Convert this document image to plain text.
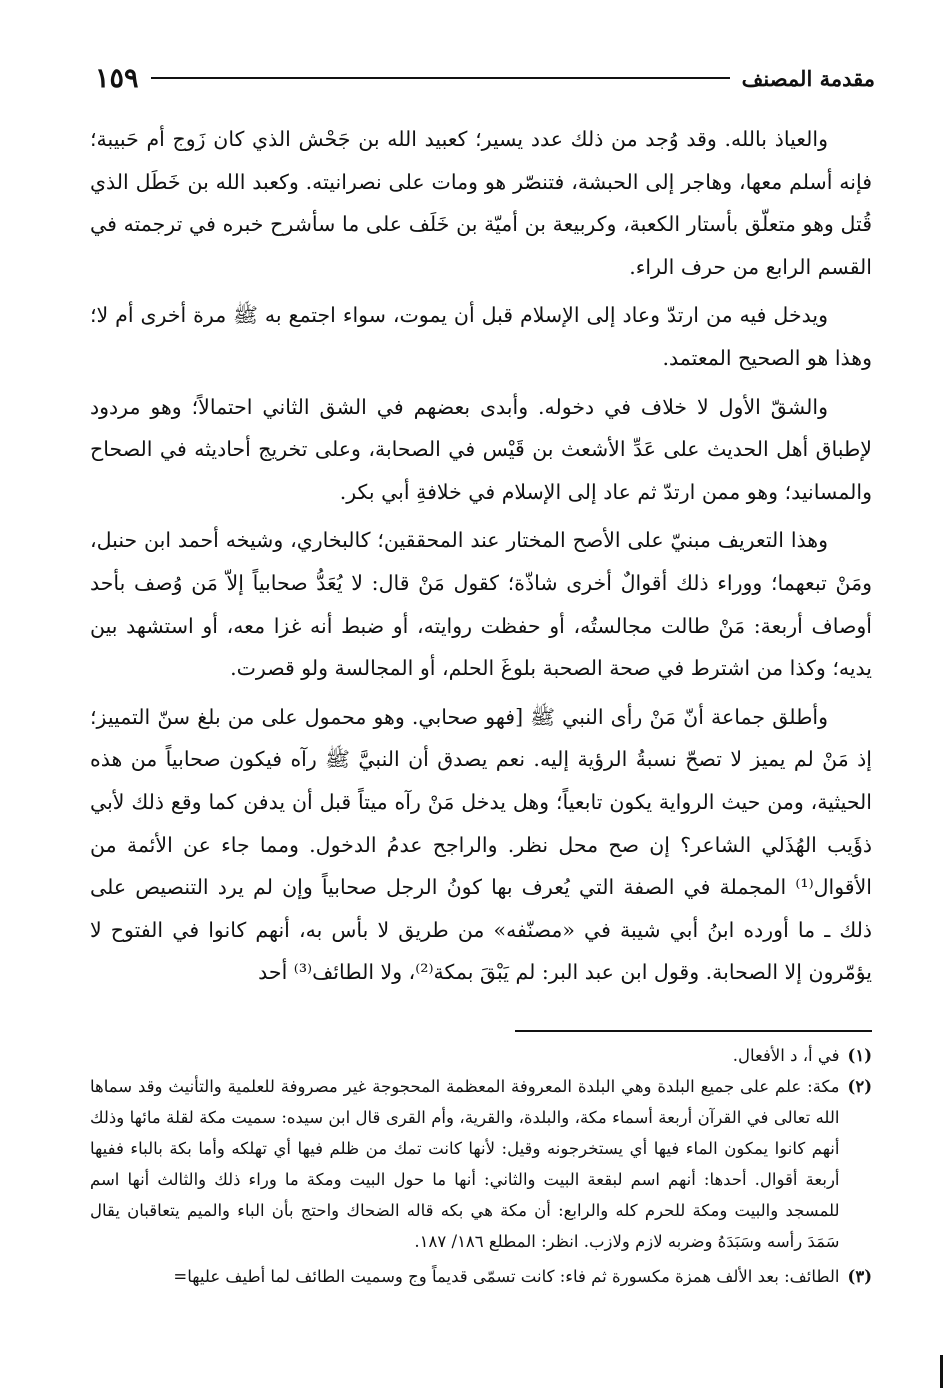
مقدمة المصنف
١٥٩

والعياذ بالله. وقد وُجد من ذلك عدد يسير؛ كعبيد الله بن جَحْش الذي كان زَوج أم حَبيبة؛ فإنه أسلم معها، وهاجر إلى الحبشة، فتنصّر هو ومات على نصرانيته. وكعبد الله بن خَطَل الذي قُتل وهو متعلّق بأستار الكعبة، وكربيعة بن أميّة بن خَلَف على ما سأشرح خبره في ترجمته في القسم الرابع من حرف الراء.

ويدخل فيه من ارتدّ وعاد إلى الإسلام قبل أن يموت، سواء اجتمع به ﷺ مرة أخرى أم لا؛ وهذا هو الصحيح المعتمد.

والشقّ الأول لا خلاف في دخوله. وأبدى بعضهم في الشق الثاني احتمالاً؛ وهو مردود لإطباق أهل الحديث على عَدِّ الأشعث بن قَيْس في الصحابة، وعلى تخريج أحاديثه في الصحاح والمسانيد؛ وهو ممن ارتدّ ثم عاد إلى الإسلام في خلافةِ أبي بكر.

وهذا التعريف مبنيّ على الأصح المختار عند المحققين؛ كالبخاري، وشيخه أحمد ابن حنبل، ومَنْ تبعهما؛ ووراء ذلك أقوالٌ أخرى شاذّة؛ كقول مَنْ قال: لا يُعَدُّ صحابياً إلاّ مَن وُصف بأحد أوصاف أربعة: مَنْ طالت مجالستُه، أو حفظت روايته، أو ضبط أنه غزا معه، أو استشهد بين يديه؛ وكذا من اشترط في صحة الصحبة بلوغَ الحلم، أو المجالسة ولو قصرت.

وأطلق جماعة أنّ مَنْ رأى النبي ﷺ [فهو صحابي. وهو محمول على من بلغ سنّ التمييز؛ إذ مَنْ لم يميز لا تصحّ نسبةُ الرؤية إليه. نعم يصدق أن النبيَّ ﷺ رآه فيكون صحابياً من هذه الحيثية، ومن حيث الرواية يكون تابعياً؛ وهل يدخل مَنْ رآه ميتاً قبل أن يدفن كما وقع ذلك لأبي ذؤَيب الهُذَلي الشاعر؟ إن صح محل نظر. والراجح عدمُ الدخول. ومما جاء عن الأئمة من الأقوال⁽¹⁾ المجملة في الصفة التي يُعرف بها كونُ الرجل صحابياً وإن لم يرد التنصيص على ذلك ـ ما أورده ابنُ أبي شيبة في «مصنّفه» من طريق لا بأس به، أنهم كانوا في الفتوح لا يؤمّرون إلا الصحابة. وقول ابن عبد البر: لم يَبْقَ بمكة⁽²⁾، ولا الطائف⁽³⁾ أحد

(١)
في أ، د الأفعال.
(٢)
مكة: علم على جميع البلدة وهي البلدة المعروفة المعظمة المحجوجة غير مصروفة للعلمية والتأنيث وقد سماها الله تعالى في القرآن أربعة أسماء مكة، والبلدة، والقرية، وأم القرى قال ابن سيده: سميت مكة لقلة مائها وذلك أنهم كانوا يمكون الماء فيها أي يستخرجونه وقيل: لأنها كانت تمك من ظلم فيها أي تهلكه وأما بكة بالباء ففيها أربعة أقوال. أحدها: أنهم اسم لبقعة البيت والثاني: أنها ما حول البيت ومكة ما وراء ذلك والثالث أنها اسم للمسجد والبيت ومكة للحرم كله والرابع: أن مكة هي بكه قاله الضحاك واحتج بأن الباء والميم يتعاقبان يقال سَمَدَ رأسه وسَبَدَهُ وضربه لازم ولازب. انظر: المطلع ١٨٦/ ١٨٧.
(٣)
الطائف: بعد الألف همزة مكسورة ثم فاء: كانت تسمّى قديماً وج وسميت الطائف لما أطيف عليها=
